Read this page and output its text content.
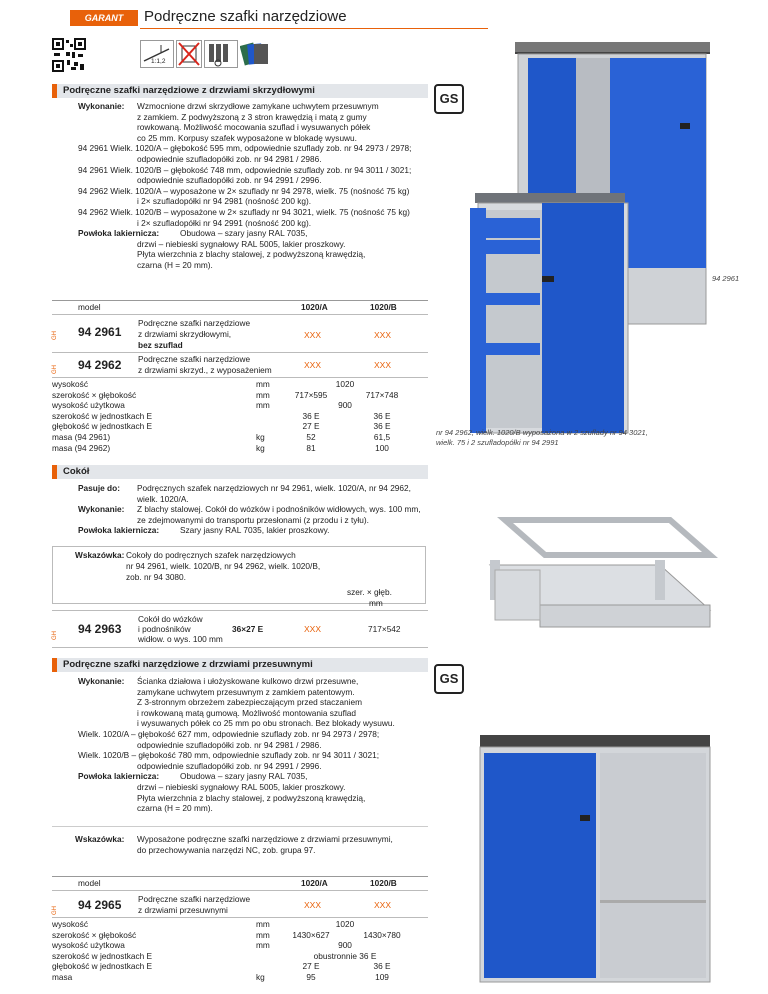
GARANT	Podręczne szafki narzędziowe
1:1,2
Podręczne szafki narzędziowe z drzwiami skrzydłowymi
GS
Wykonanie: Wzmocnione drzwi skrzydłowe zamykane uchwytem przesuwnym
z zamkiem. Z podwyższoną z 3 stron krawędzią i matą z gumy
rowkowaną. Możliwość mocowania szuflad i wysuwanych półek
co 25 mm. Korpusy szafek wyposażone w blokadę wysuwu.
94 2961 Wielk. 1020/A – głębokość 595 mm, odpowiednie szuflady zob. nr 94 2973 / 2978;
odpowiednie szufladopółki zob. nr 94 2981 / 2986.
94 2961 Wielk. 1020/B – głębokość 748 mm, odpowiednie szuflady zob. nr 94 3011 / 3021;
odpowiednie szufladopółki zob. nr 94 2991 / 2996.
94 2962 Wielk. 1020/A – wyposażone w 2× szuflady nr 94 2978, wielk. 75 (nośność 75 kg)
i 2× szufladopółki nr 94 2981 (nośność 200 kg).
94 2962 Wielk. 1020/B – wyposażone w 2× szuflady nr 94 3021, wielk. 75 (nośność 75 kg)
i 2× szufladopółki nr 94 2991 (nośność 200 kg).
Powłoka lakiernicza:	Obudowa – szary jasny RAL 7035,
drzwi – niebieski sygnałowy RAL 5005, lakier proszkowy.
Płyta wierzchnia z blachy stalowej, z podwyższoną krawędzią,
czarna (H = 20 mm).
94 2961
nr 94 2962, wielk. 1020/B wyposażona w 2 szuflady nr 94 3021,
wielk. 75 i 2 szufladopółki nr 94 2991
model	1020/A	1020/B
GH 94 2961
Podręczne szafki narzędziowe
z drzwiami skrzydłowymi,
bez szuflad
XXX	XXX
GH 94 2962 Podręczne szafki narzędziowe
z drzwiami skrzyd., z wyposażeniem	XXX	XXX
wysokość	mm	1020
szerokość × głębokość	mm	717×595	717×748
wysokość użytkowa	mm	900
szerokość w jednostkach E	36 E	36 E
głębokość w jednostkach E	27 E	36 E
masa (94 2961)	kg	52	61,5
masa (94 2962)	kg	81	100
Cokół
Pasuje do: Podręcznych szafek narzędziowych nr 94 2961, wielk. 1020/A, nr 94 2962,
wielk. 1020/A.
Wykonanie: Z blachy stalowej. Cokół do wózków i podnośników widłowych, wys. 100 mm,
ze zdejmowanymi do transportu przesłonami (z przodu i z tyłu).
Powłoka lakiernicza:	Szary jasny RAL 7035, lakier proszkowy.
Wskazówka: Cokoły do podręcznych szafek narzędziowych
nr 94 2961, wielk. 1020/B, nr 94 2962, wielk. 1020/B,
zob. nr 94 3080.
szer. × głęb.
mm
GH 94 2963
Cokół do wózków
i podnośników
widłow. o wys. 100 mm
36×27 E	XXX	717×542
Podręczne szafki narzędziowe z drzwiami przesuwnymi
GS
Wykonanie: Ścianka działowa i ułożyskowane kulkowo drzwi przesuwne,
zamykane uchwytem przesuwnym z zamkiem patentowym.
Z 3-stronnym obrzeżem zabezpieczającym przed staczaniem
i rowkowaną matą gumową. Możliwość montowania szuflad
i wysuwanych półek co 25 mm po obu stronach. Bez blokady wysuwu.
Wielk. 1020/A – głębokość 627 mm, odpowiednie szuflady zob. nr 94 2973 / 2978;
odpowiednie szufladopółki zob. nr 94 2981 / 2986.
Wielk. 1020/B – głębokość 780 mm, odpowiednie szuflady zob. nr 94 3011 / 3021;
odpowiednie szufladopółki zob. nr 94 2991 / 2996.
Powłoka lakiernicza:	Obudowa – szary jasny RAL 7035,
drzwi – niebieski sygnałowy RAL 5005, lakier proszkowy.
Płyta wierzchnia z blachy stalowej, z podwyższoną krawędzią,
czarna (H = 20 mm).
Wskazówka: Wyposażone podręczne szafki narzędziowe z drzwiami przesuwnymi,
do przechowywania narzędzi NC, zob. grupa 97.
model	1020/A	1020/B
GH 94 2965 Podręczne szafki narzędziowe
z drzwiami przesuwnymi	XXX	XXX
wysokość	mm	1020
szerokość × głębokość	mm	1430×627	1430×780
wysokość użytkowa	mm	900
szerokość w jednostkach E	obustronnie 36 E
głębokość w jednostkach E	27 E	36 E
masa	kg	95	109
